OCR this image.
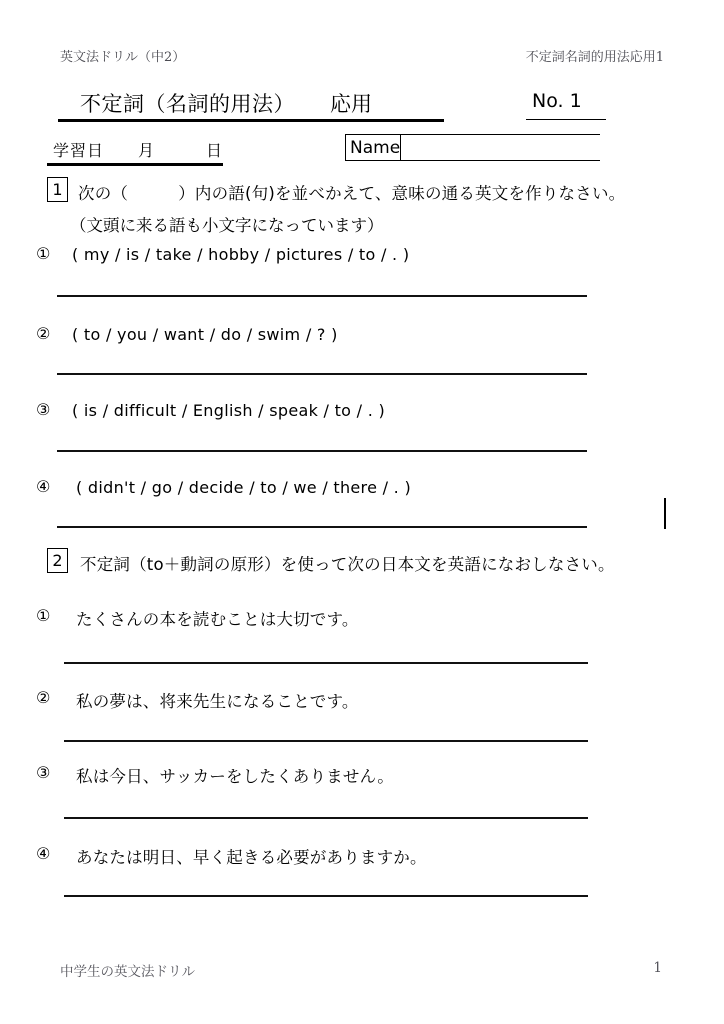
英文法ドリル（中2）	不定詞名詞的用法応用1
不定詞（名詞的用法） 応用	No. 1
学習日　　月　　　日	Name
1 次の（　　　）内の語(句)を並べかえて、意味の通る英文を作りなさい。
（文頭に来る語も小文字になっています）
①	( my / is / take / hobby / pictures / to / . )
②	( to / you / want / do / swim / ? )
③	( is / difficult / English / speak / to / . )
④	( didn't / go / decide / to / we / there / . )
2 不定詞（to＋動詞の原形）を使って次の日本文を英語になおしなさい。
①	たくさんの本を読むことは大切です。
②	私の夢は、将来先生になることです。
③	私は今日、サッカーをしたくありません。
④	あなたは明日、早く起きる必要がありますか。
中学生の英文法ドリル	1
